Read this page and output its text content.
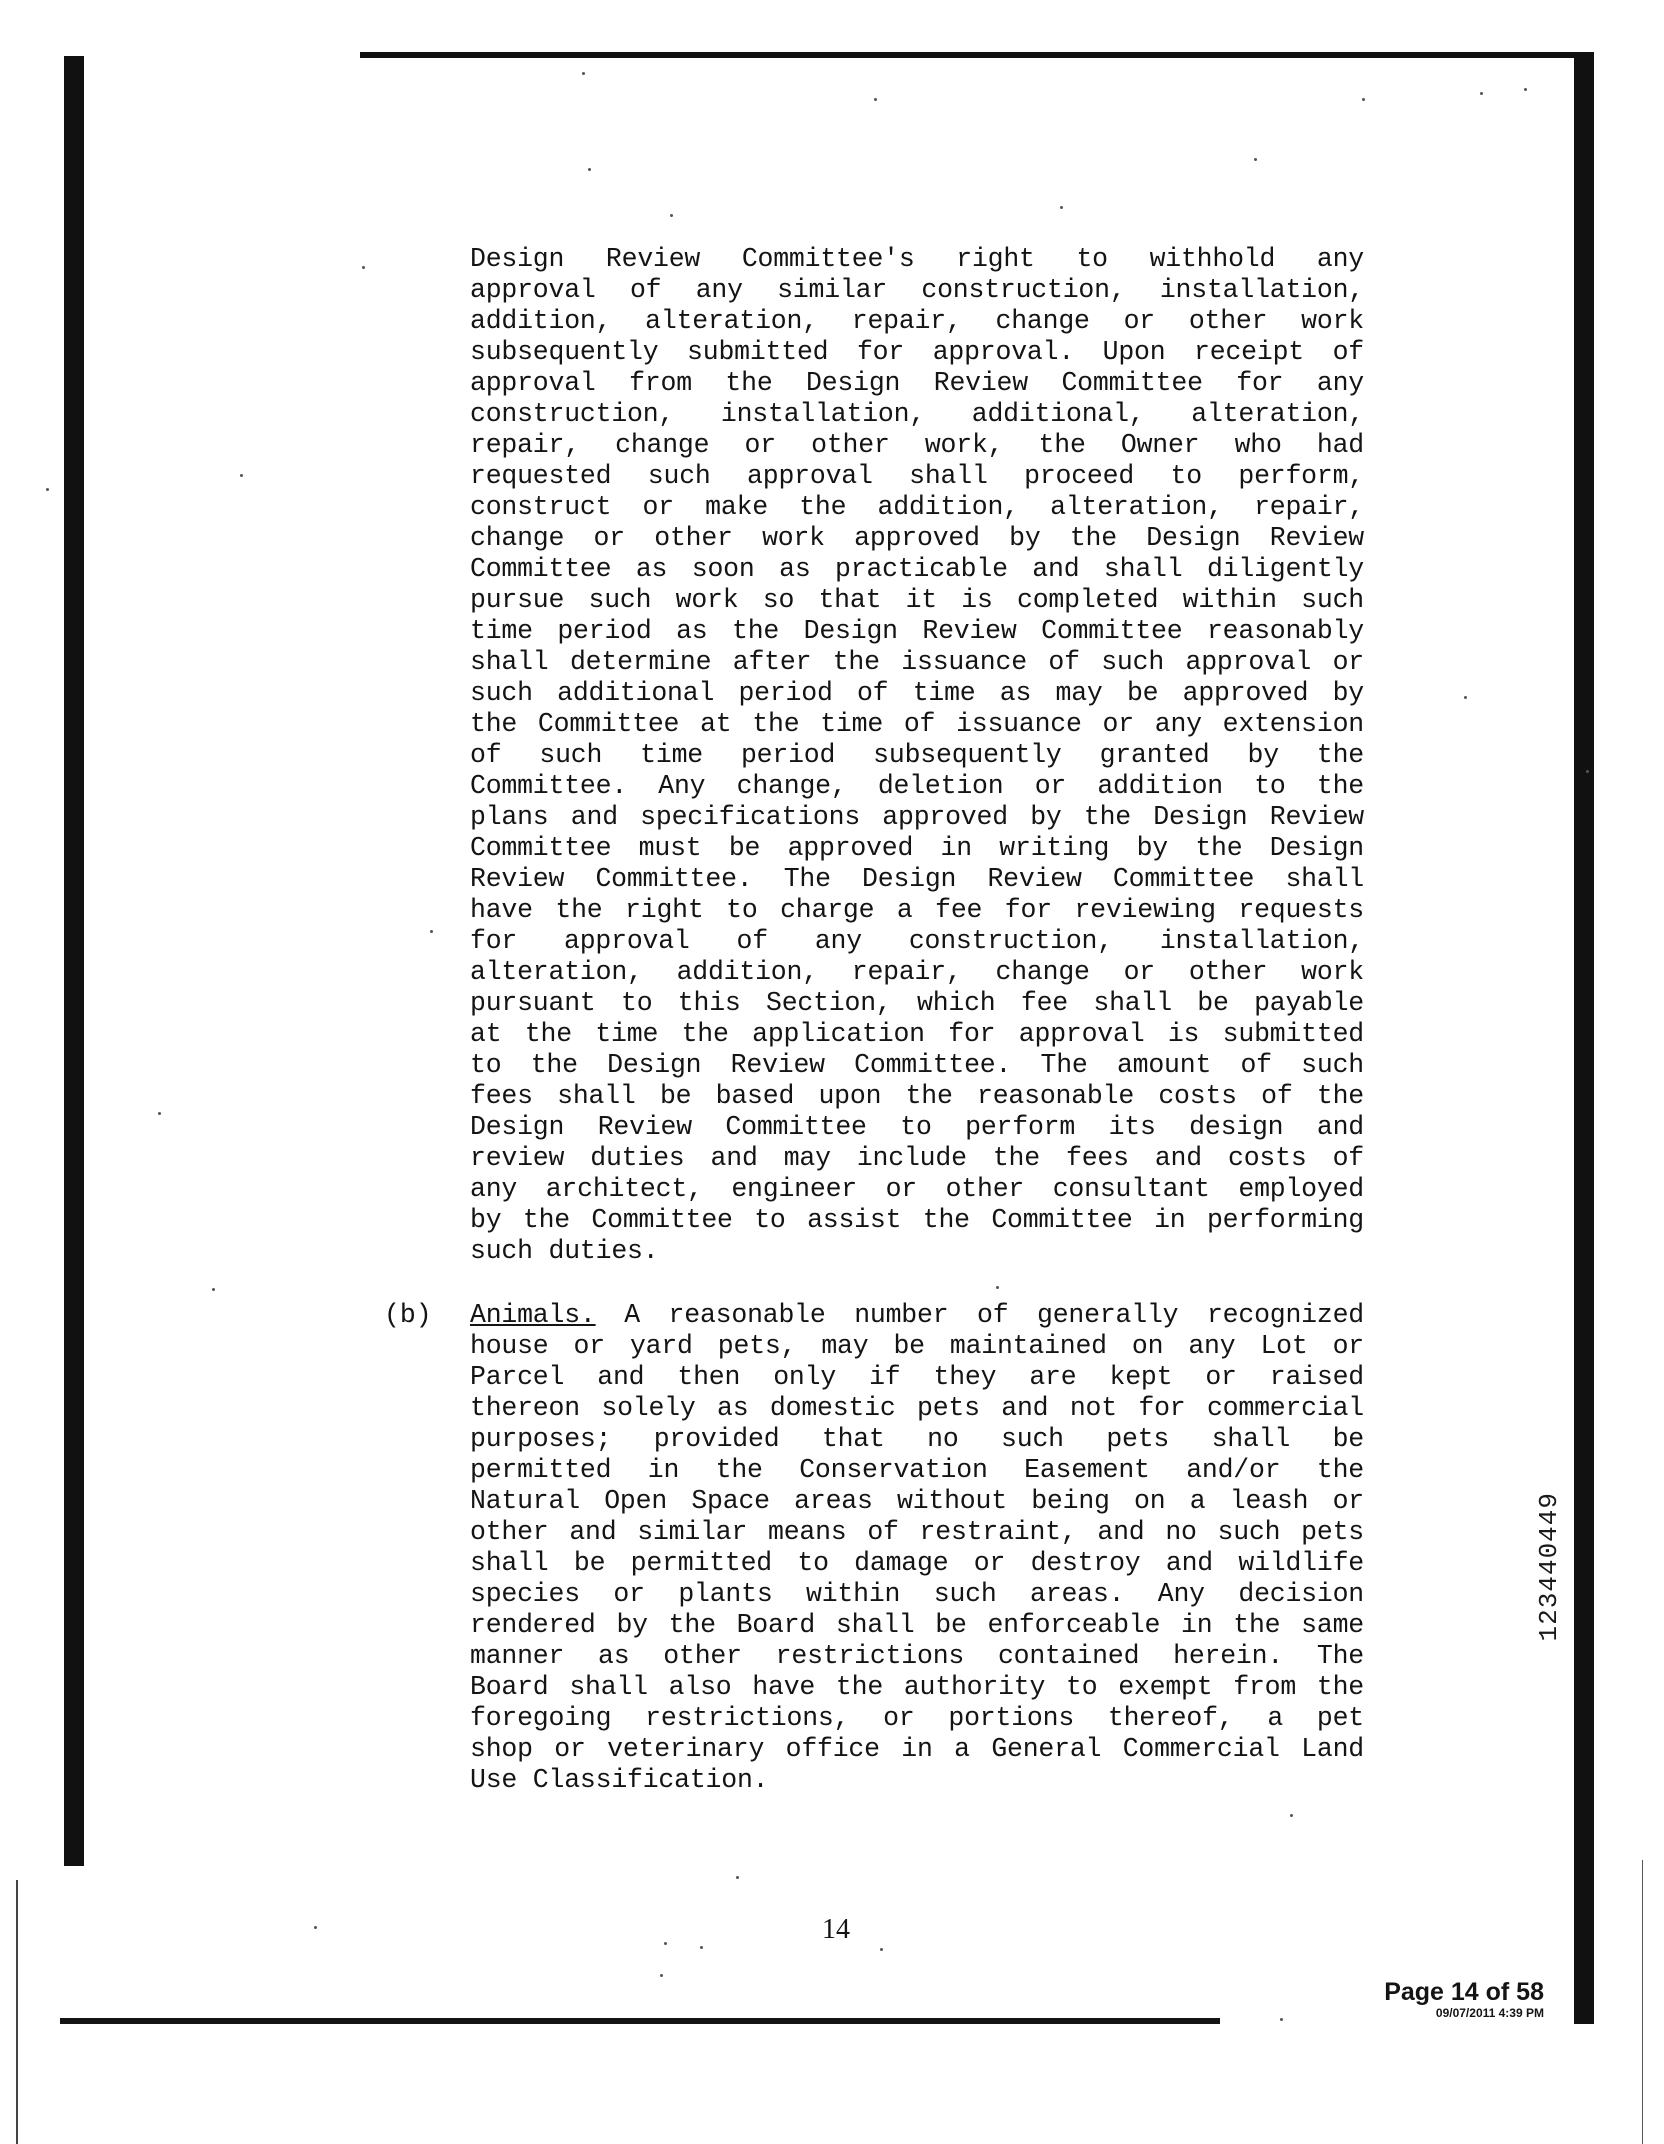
Design Review Committee's right to withhold any
approval of any similar construction, installation,
addition, alteration, repair, change or other work
subsequently submitted for approval. Upon receipt of
approval from the Design Review Committee for any
construction, installation, additional, alteration,
repair, change or other work, the Owner who had
requested such approval shall proceed to perform,
construct or make the addition, alteration, repair,
change or other work approved by the Design Review
Committee as soon as practicable and shall diligently
pursue such work so that it is completed within such
time period as the Design Review Committee reasonably
shall determine after the issuance of such approval or
such additional period of time as may be approved by
the Committee at the time of issuance or any extension
of such time period subsequently granted by the
Committee. Any change, deletion or addition to the
plans and specifications approved by the Design Review
Committee must be approved in writing by the Design
Review Committee. The Design Review Committee shall
have the right to charge a fee for reviewing requests
for approval of any construction, installation,
alteration, addition, repair, change or other work
pursuant to this Section, which fee shall be payable
at the time the application for approval is submitted
to the Design Review Committee. The amount of such
fees shall be based upon the reasonable costs of the
Design Review Committee to perform its design and
review duties and may include the fees and costs of
any architect, engineer or other consultant employed
by the Committee to assist the Committee in performing
such duties.
(b) Animals. A reasonable number of generally recognized
house or yard pets, may be maintained on any Lot or
Parcel and then only if they are kept or raised
thereon solely as domestic pets and not for commercial
purposes; provided that no such pets shall be
permitted in the Conservation Easement and/or the
Natural Open Space areas without being on a leash or
other and similar means of restraint, and no such pets
shall be permitted to damage or destroy and wildlife
species or plants within such areas. Any decision
rendered by the Board shall be enforceable in the same
manner as other restrictions contained herein. The
Board shall also have the authority to exempt from the
foregoing restrictions, or portions thereof, a pet
shop or veterinary office in a General Commercial Land
Use Classification.
14
Page 14 of 58
09/07/2011 4:39 PM
123440449
